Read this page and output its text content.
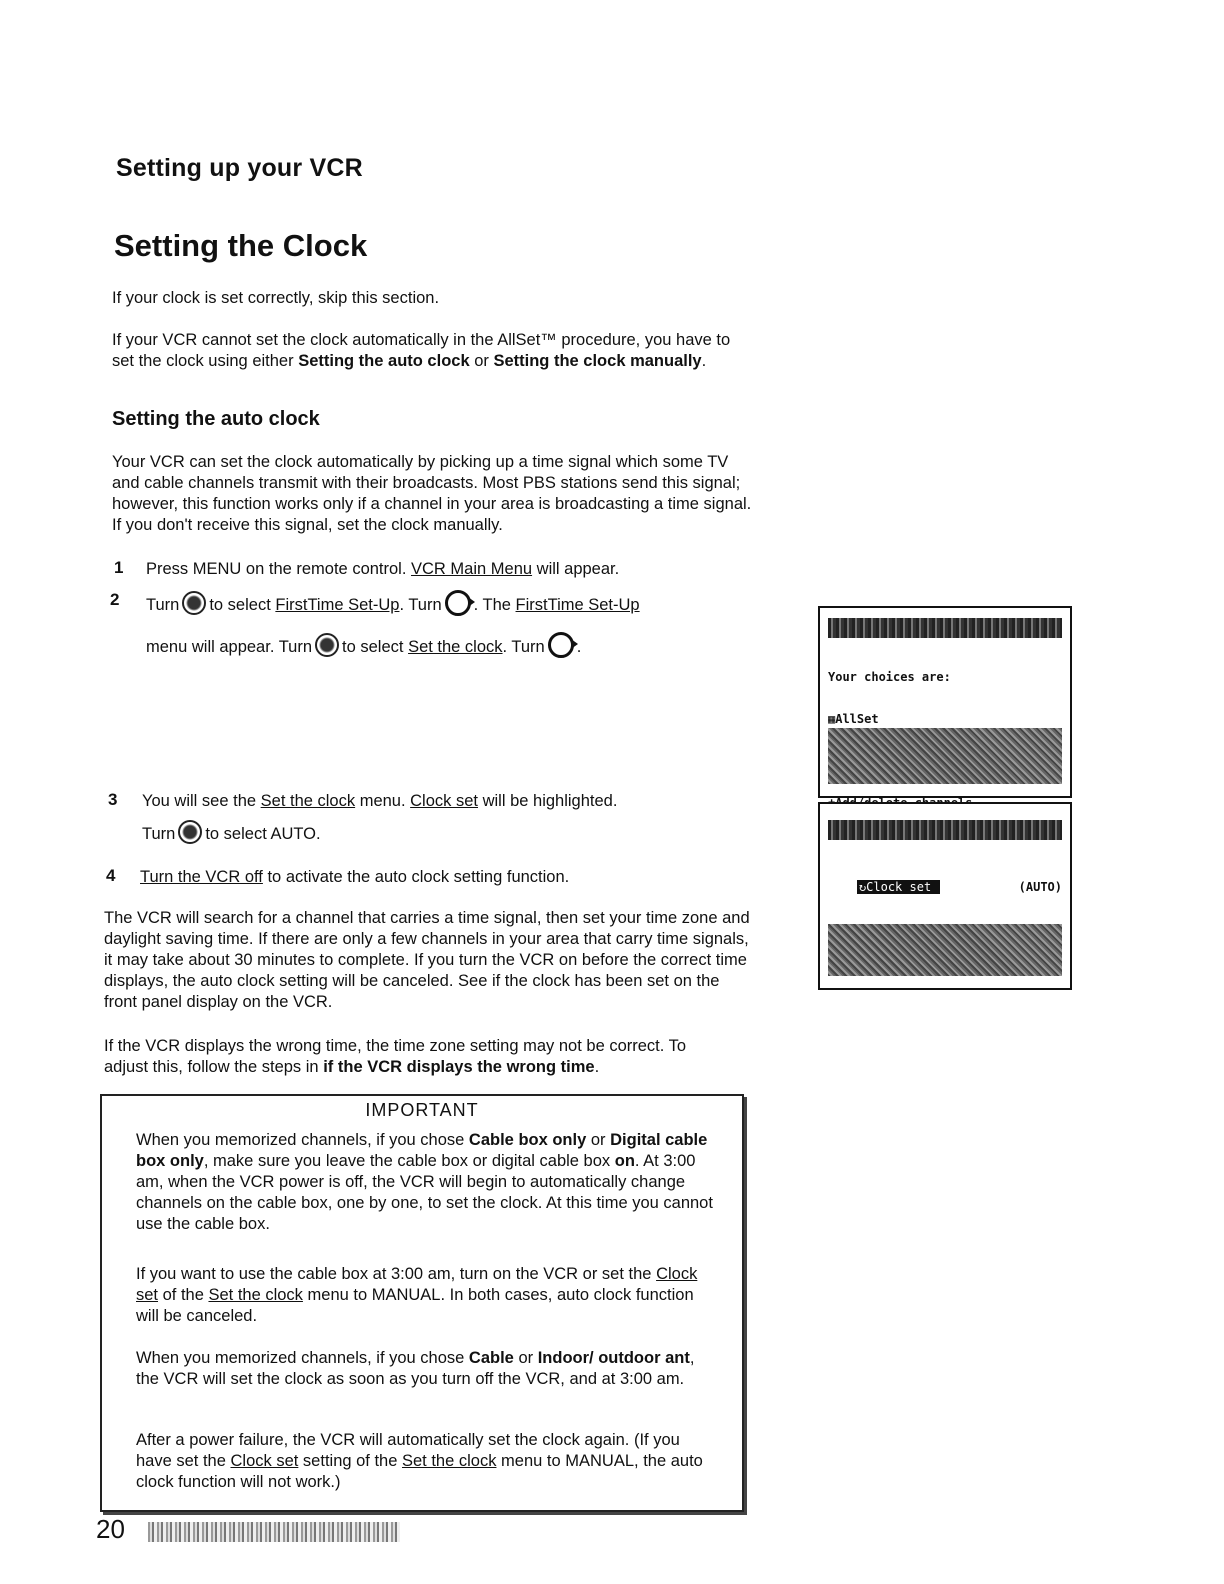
Setting up your VCR
Setting the Clock
If your clock is set correctly, skip this section.
If your VCR cannot set the clock automatically in the AllSet™ procedure, you have to set the clock using either Setting the auto clock or Setting the clock manually.
Setting the auto clock
Your VCR can set the clock automatically by picking up a time signal which some TV and cable channels transmit with their broadcasts. Most PBS stations send this signal; however, this function works only if a channel in your area is broadcasting a time signal. If you don't receive this signal, set the clock manually.
1 Press MENU on the remote control. VCR Main Menu will appear.
2 Turn to select FirstTime Set-Up. Turn . The FirstTime Set-Up
menu will appear. Turn to select Set the clock. Turn .
3 You will see the Set the clock menu. Clock set will be highlighted.
Turn to select AUTO.
4 Turn the VCR off to activate the auto clock setting function.
The VCR will search for a channel that carries a time signal, then set your time zone and daylight saving time. If there are only a few channels in your area that carry time signals, it may take about 30 minutes to complete. If you turn the VCR on before the correct time displays, the auto clock setting will be canceled. See if the clock has been set on the front panel display on the VCR.
If the VCR displays the wrong time, the time zone setting may not be correct. To adjust this, follow the steps in if the VCR displays the wrong time.
IMPORTANT
When you memorized channels, if you chose Cable box only or Digital cable box only, make sure you leave the cable box or digital cable box on. At 3:00 am, when the VCR power is off, the VCR will begin to automatically change channels on the cable box, one by one, to set the clock. At this time you cannot use the cable box.
If you want to use the cable box at 3:00 am, turn on the VCR or set the Clock set of the Set the clock menu to MANUAL. In both cases, auto clock function will be canceled.
When you memorized channels, if you chose Cable or Indoor/ outdoor ant, the VCR will set the clock as soon as you turn off the VCR, and at 3:00 am.
After a power failure, the VCR will automatically set the clock again. (If you have set the Clock set setting of the Set the clock menu to MANUAL, the auto clock function will not work.)

Your choices are:

▦AllSet

↻Clock set	(AUTO)

20
